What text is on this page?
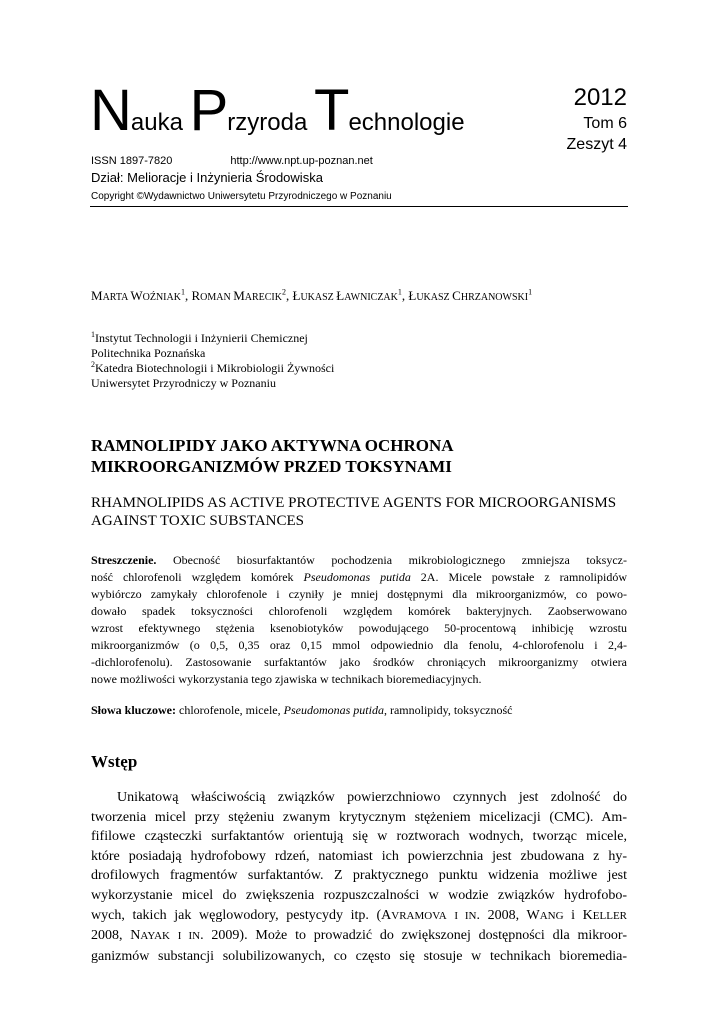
Nauka Przyroda Technologie
2012
Tom 6
Zeszyt 4
ISSN 1897-7820	http://www.npt.up-poznan.net
Dział: Melioracje i Inżynieria Środowiska
Copyright ©Wydawnictwo Uniwersytetu Przyrodniczego w Poznaniu
MARTA WOŹNIAK$^1$, ROMAN MARECIK$^2$, ŁUKASZ ŁAWNICZAK$^1$, ŁUKASZ CHRZANOWSKI$^1$
$^1$Instytut Technologii i Inżynierii Chemicznej
Politechnika Poznańska
$^2$Katedra Biotechnologii i Mikrobiologii Żywności
Uniwersytet Przyrodniczy w Poznaniu
RAMNOLIPIDY JAKO AKTYWNA OCHRONA
MIKROORGANIZMÓW PRZED TOKSYNAMI
RHAMNOLIPIDS AS ACTIVE PROTECTIVE AGENTS FOR MICROORGANISMS
AGAINST TOXIC SUBSTANCES
Streszczenie. Obecność biosurfaktantów pochodzenia mikrobiologicznego zmniejsza toksycz-
ność chlorofenoli względem komórek Pseudomonas putida 2A. Micele powstałe z ramnolipidów
wybiórczo zamykały chlorofenole i czyniły je mniej dostępnymi dla mikroorganizmów, co powo-
dowało spadek toksyczności chlorofenoli względem komórek bakteryjnych. Zaobserwowano
wzrost efektywnego stężenia ksenobiotyków powodującego 50-procentową inhibicję wzrostu
mikroorganizmów (o 0,5, 0,35 oraz 0,15 mmol odpowiednio dla fenolu, 4-chlorofenolu i 2,4-
-dichlorofenolu). Zastosowanie surfaktantów jako środków chroniących mikroorganizmy otwiera
nowe możliwości wykorzystania tego zjawiska w technikach bioremediacyjnych.
Słowa kluczowe: chlorofenole, micele, Pseudomonas putida, ramnolipidy, toksyczność
Wstęp
Unikatową właściwością związków powierzchniowo czynnych jest zdolność do
tworzenia micel przy stężeniu zwanym krytycznym stężeniem micelizacji (CMC). Am-
fifilowe cząsteczki surfaktantów orientują się w roztworach wodnych, tworząc micele,
które posiadają hydrofobowy rdzeń, natomiast ich powierzchnia jest zbudowana z hy-
drofilowych fragmentów surfaktantów. Z praktycznego punktu widzenia możliwe jest
wykorzystanie micel do zwiększenia rozpuszczalności w wodzie związków hydrofobo-
wych, takich jak węglowodory, pestycydy itp. (AVRAMOVA I IN. 2008, WANG i KELLER
2008, NAYAK I IN. 2009). Może to prowadzić do zwiększonej dostępności dla mikroor-
ganizmów substancji solubilizowanych, co często się stosuje w technikach bioremedia-
